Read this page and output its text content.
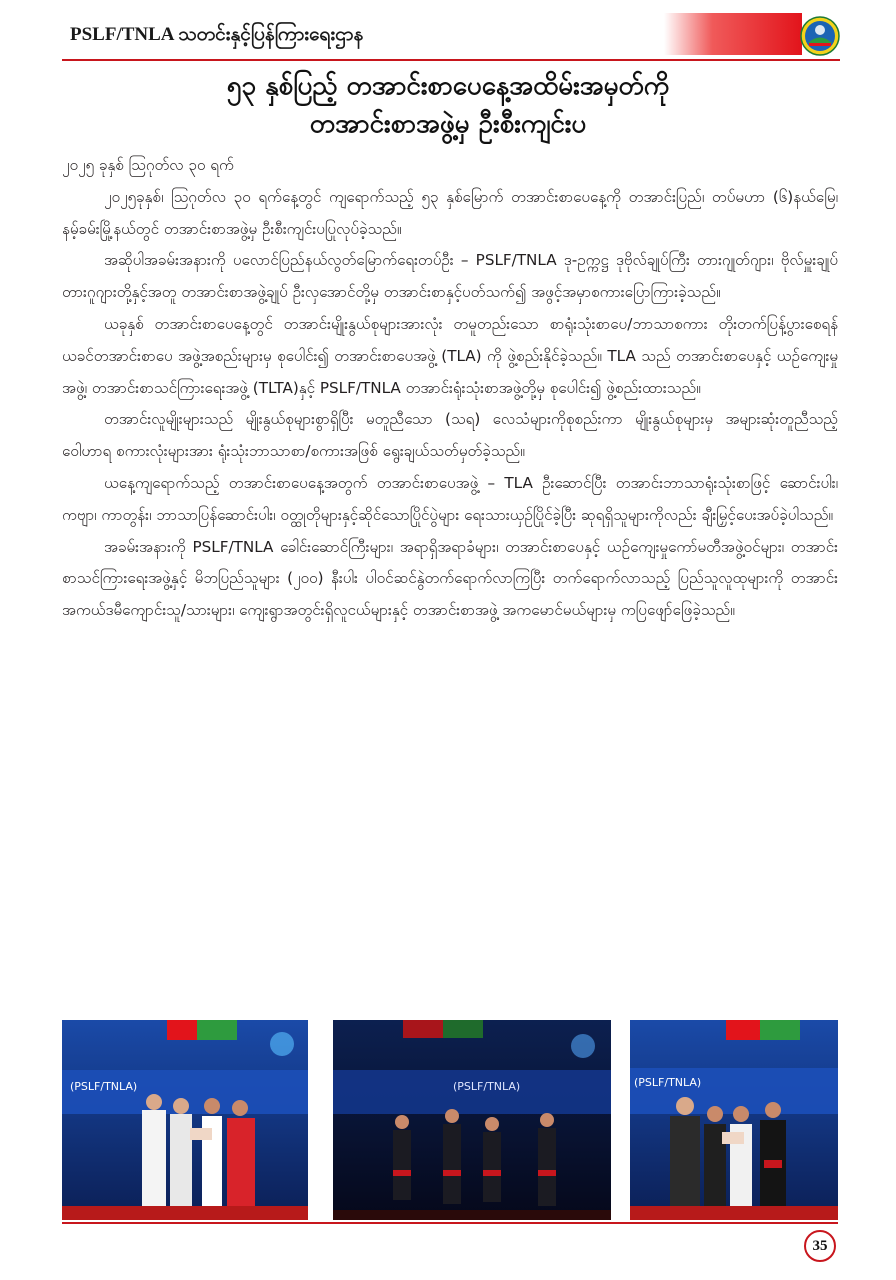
PSLF/TNLA သတင်းနှင့်ပြန်ကြားရေးဌာန
၅၃ နှစ်ပြည့် တအာင်းစာပေနေ့အထိမ်းအမှတ်ကို
တအာင်းစာအဖွဲ့မှ ဦးစီးကျင်းပ

၂၀၂၅ ခုနှစ် ဩဂုတ်လ ၃၀ ရက်

၂၀၂၅ခုနှစ်၊ ဩဂုတ်လ ၃၀ ရက်နေ့တွင် ကျရောက်သည့် ၅၃ နှစ်မြောက် တအာင်းစာပေနေ့ကို တအာင်းပြည်၊ တပ်မဟာ (၆)နယ်မြေ၊ နမ့်ခမ်းမြို့နယ်တွင် တအာင်းစာအဖွဲ့မှ ဦးစီးကျင်းပပြုလုပ်ခဲ့သည်။

အဆိုပါအခမ်းအနားကို ပလောင်ပြည်နယ်လွတ်မြောက်ရေးတပ်ဦး – PSLF/TNLA ဒု-ဥက္ကဋ္ဌ ဒုဗိုလ်ချုပ်ကြီး တားဂျုတ်ဂျား၊ ဗိုလ်မှူးချုပ် တားဂူဂျားတို့နှင့်အတူ တအာင်းစာအဖွဲ့ချုပ် ဦးလှအောင်တို့မှ တအာင်းစာနှင့်ပတ်သက်၍ အဖွင့်အမှာစကားပြောကြားခဲ့သည်။

ယခုနှစ် တအာင်းစာပေနေ့တွင် တအာင်းမျိုးနွယ်စုများအားလုံး တမူတည်းသော စာရုံးသုံးစာပေ/ဘာသာစကား တိုးတက်ပြန့်ပွားစေရန် ယခင်တအာင်းစာပေ အဖွဲ့အစည်းများမှ စုပေါင်း၍ တအာင်းစာပေအဖွဲ့ (TLA) ကို ဖွဲ့စည်းနိုင်ခဲ့သည်။ TLA သည် တအာင်းစာပေနှင့် ယဉ်ကျေးမှုအဖွဲ့၊ တအာင်းစာသင်ကြားရေးအဖွဲ့ (TLTA)နှင့် PSLF/TNLA တအာင်းရုံးသုံးစာအဖွဲ့တို့မှ စုပေါင်း၍ ဖွဲ့စည်းထားသည်။

တအာင်းလူမျိုးများသည် မျိုးနွယ်စုများစွာရှိပြီး မတူညီသော (သရ) လေသံများကိုစုစည်းကာ မျိုးနွယ်စုများမှ အများဆုံးတူညီသည့် ဝေါဟာရ စကားလုံးများအား ရုံးသုံးဘာသာစာ/စကားအဖြစ် ရွေးချယ်သတ်မှတ်ခဲ့သည်။

ယနေ့ကျရောက်သည့် တအာင်းစာပေနေ့အတွက် တအာင်းစာပေအဖွဲ့ – TLA ဦးဆောင်ပြီး တအာင်းဘာသာရုံးသုံးစာဖြင့် ဆောင်းပါး၊ ကဗျာ၊ ကာတွန်း၊ ဘာသာပြန်ဆောင်းပါး၊ ဝတ္ထုတိုများနှင့်ဆိုင်သောပြိုင်ပွဲများ ရေးသားယှဉ်ပြိုင်ခဲ့ပြီး ဆုရရှိသူများကိုလည်း ချီးမြှင့်ပေးအပ်ခဲ့ပါသည်။

အခမ်းအနားကို PSLF/TNLA ခေါင်းဆောင်ကြီးများ၊ အရာရှိအရာခံများ၊ တအာင်းစာပေနှင့် ယဉ်ကျေးမှုကော်မတီအဖွဲ့ဝင်များ၊ တအာင်းစာသင်ကြားရေးအဖွဲ့နှင့် မိဘပြည်သူများ (၂၀၀) နီးပါး ပါဝင်ဆင်နွဲတက်ရောက်လာကြပြီး တက်ရောက်လာသည့် ပြည်သူလူထုများကို တအာင်းအကယ်ဒမီကျောင်းသူ/သားများ၊ ကျေးရွာအတွင်းရှိလူငယ်များနှင့် တအာင်းစာအဖွဲ့ အကမောင်မယ်များမှ ကပြဖျော်ဖြေခဲ့သည်။

(PSLF/TNLA)	(PSLF/TNLA)	(PSLF/TNLA)
35
